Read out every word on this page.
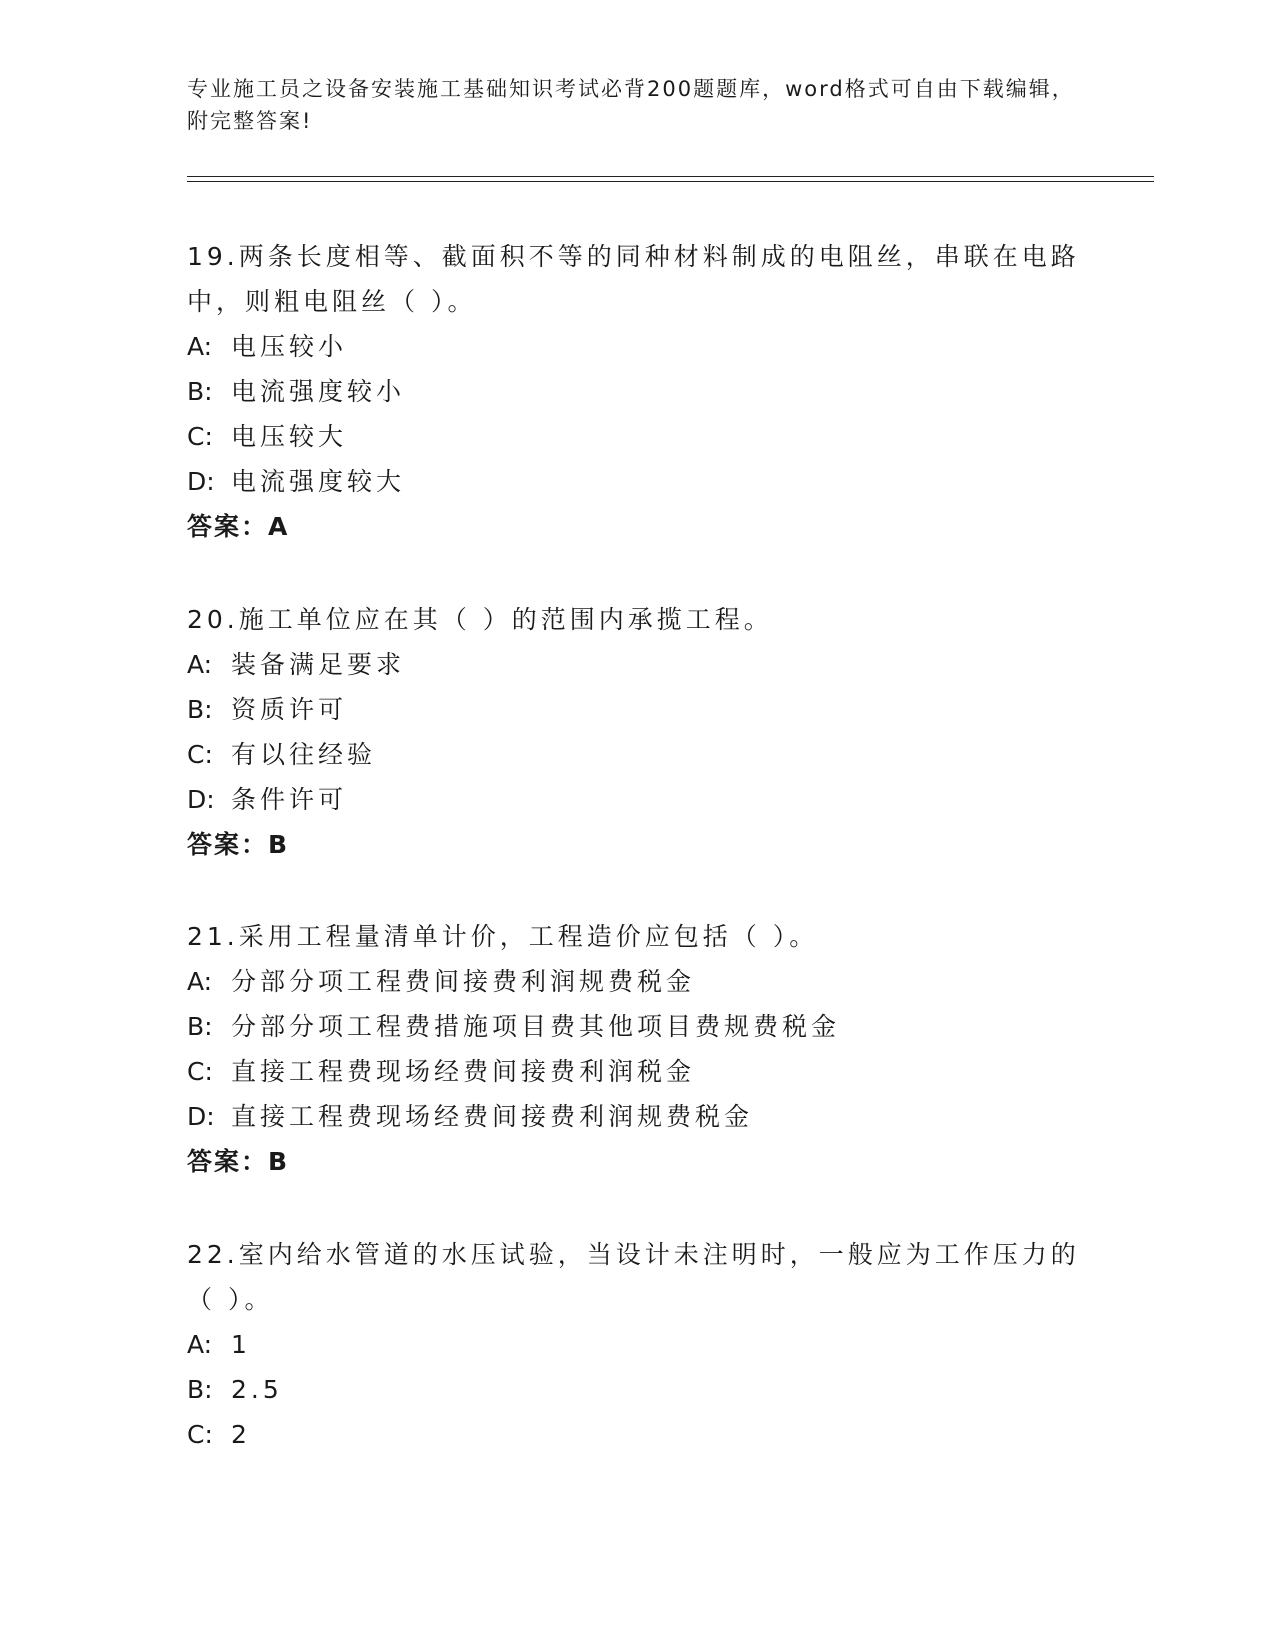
专业施工员之设备安装施工基础知识考试必背200题题库，word格式可自由下载编辑，附完整答案!

19.两条长度相等、截面积不等的同种材料制成的电阻丝，串联在电路中，则粗电阻丝（ ）。

A: 电压较小

B: 电流强度较小

C: 电压较大

D: 电流强度较大

答案：A

20.施工单位应在其（ ）的范围内承揽工程。

A: 装备满足要求

B: 资质许可

C: 有以往经验

D: 条件许可

答案：B

21.采用工程量清单计价，工程造价应包括（ ）。

A: 分部分项工程费间接费利润规费税金

B: 分部分项工程费措施项目费其他项目费规费税金

C: 直接工程费现场经费间接费利润税金

D: 直接工程费现场经费间接费利润规费税金

答案：B

22.室内给水管道的水压试验，当设计未注明时，一般应为工作压力的（ ）。

A: 1

B: 2.5

C: 2
